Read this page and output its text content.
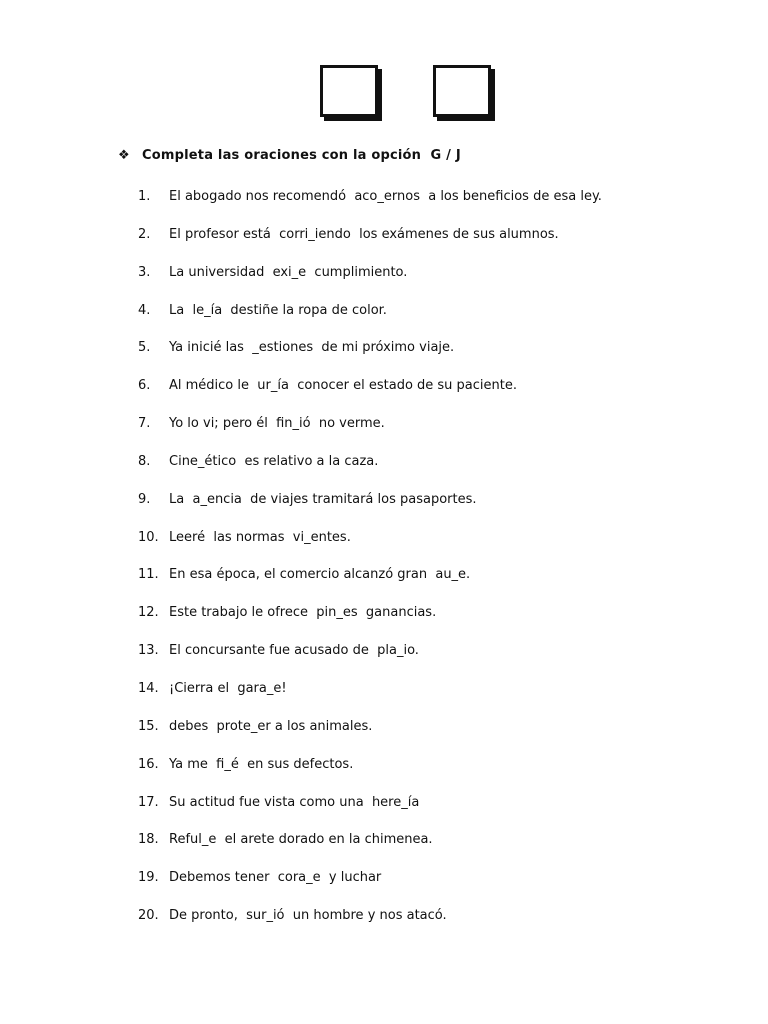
❖ Completa las oraciones con la opción  G / J
1.	El abogado nos recomendó  aco_ernos  a los beneficios de esa ley.
2.	El profesor está  corri_iendo  los exámenes de sus alumnos.
3.	La universidad  exi_e  cumplimiento.
4.	La  le_ía  destiñe la ropa de color.
5.	Ya inicié las  _estiones  de mi próximo viaje.
6.	Al médico le  ur_ía  conocer el estado de su paciente.
7.	Yo lo vi; pero él  fin_ió  no verme.
8.	Cine_ético  es relativo a la caza.
9.	La  a_encia  de viajes tramitará los pasaportes.
10. Leeré  las normas  vi_entes.
11. En esa época, el comercio alcanzó gran  au_e.
12. Este trabajo le ofrece  pin_es  ganancias.
13. El concursante fue acusado de  pla_io.
14. ¡Cierra el  gara_e!
15. debes  prote_er a los animales.
16. Ya me  fi_é  en sus defectos.
17. Su actitud fue vista como una  here_ía
18. Reful_e  el arete dorado en la chimenea.
19. Debemos tener  cora_e  y luchar
20. De pronto,  sur_ió  un hombre y nos atacó.
